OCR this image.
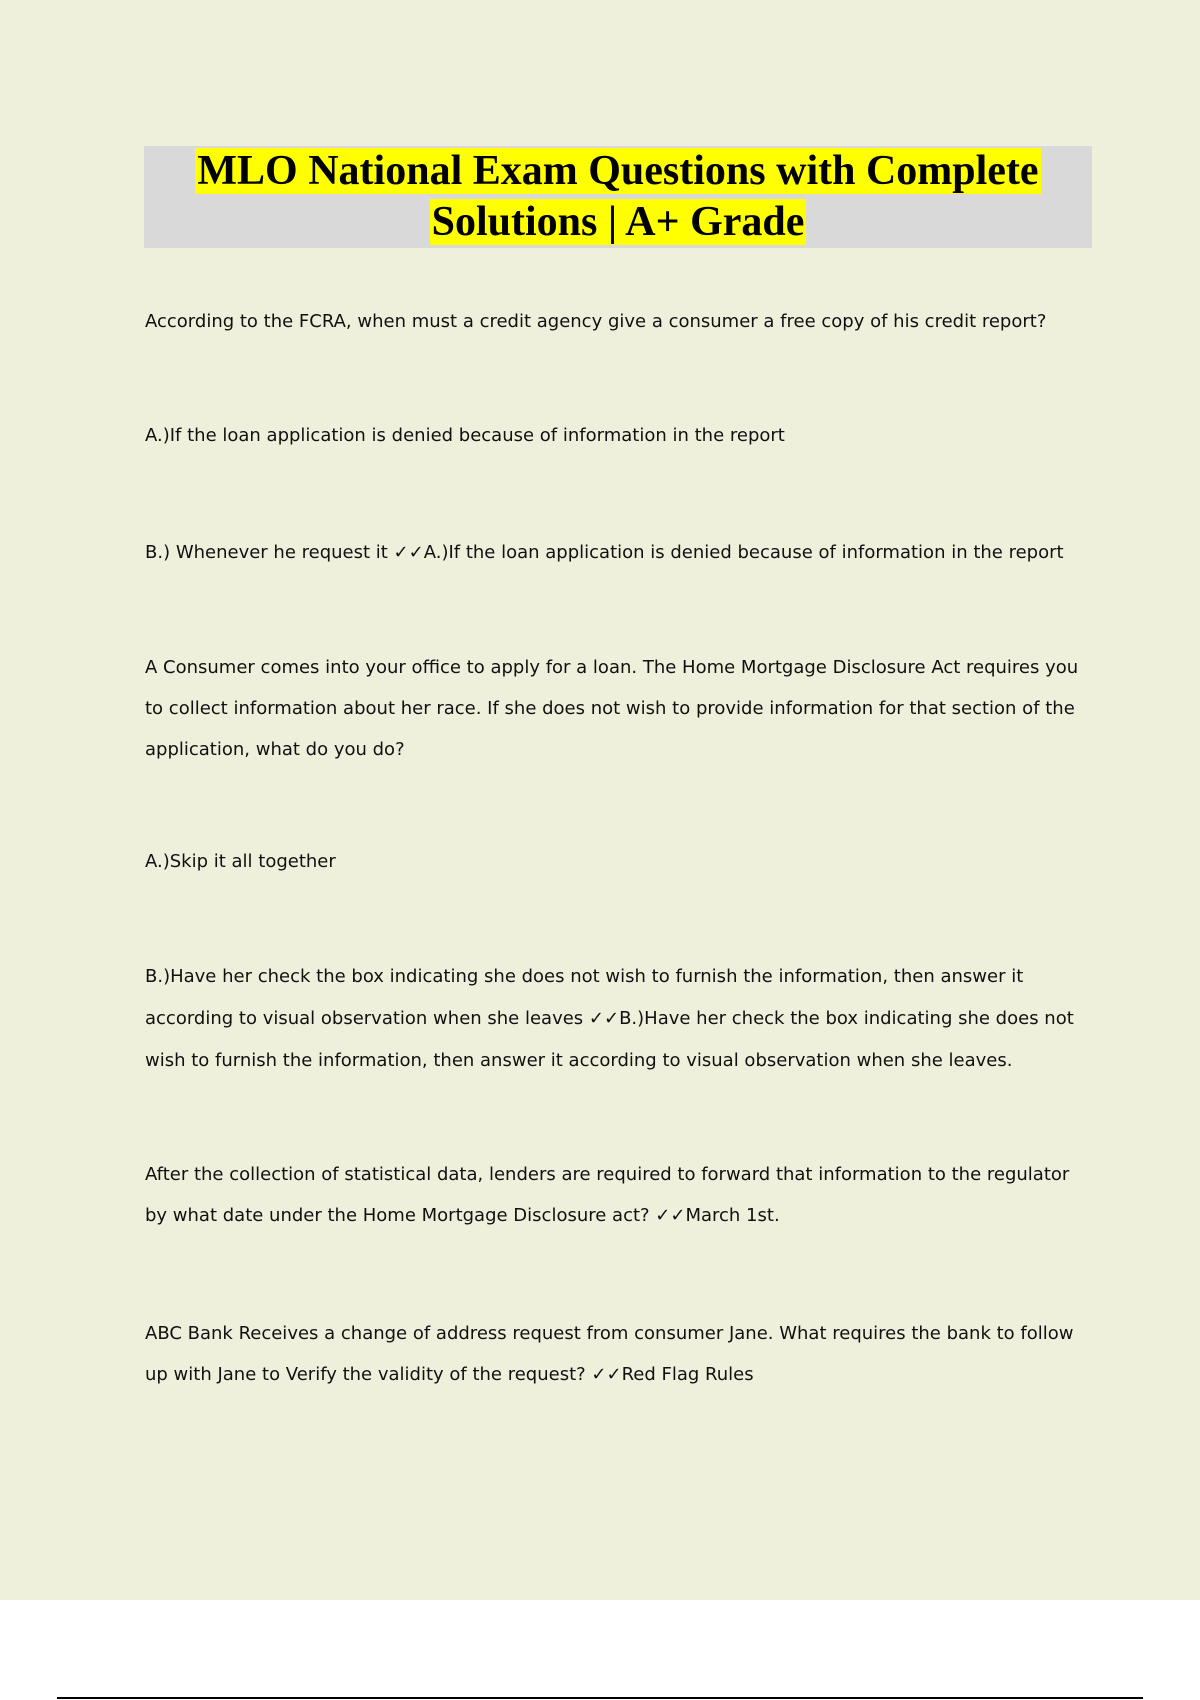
MLO National Exam Questions with Complete
Solutions | A+ Grade

According to the FCRA, when must a credit agency give a consumer a free copy of his credit report?

A.)If the loan application is denied because of information in the report

B.) Whenever he request it ✓✓A.)If the loan application is denied because of information in the report

A Consumer comes into your office to apply for a loan. The Home Mortgage Disclosure Act requires you
to collect information about her race. If she does not wish to provide information for that section of the
application, what do you do?

A.)Skip it all together

B.)Have her check the box indicating she does not wish to furnish the information, then answer it
according to visual observation when she leaves ✓✓B.)Have her check the box indicating she does not
wish to furnish the information, then answer it according to visual observation when she leaves.
After the collection of statistical data, lenders are required to forward that information to the regulator
by what date under the Home Mortgage Disclosure act? ✓✓March 1st.
ABC Bank Receives a change of address request from consumer Jane. What requires the bank to follow
up with Jane to Verify the validity of the request? ✓✓Red Flag Rules
